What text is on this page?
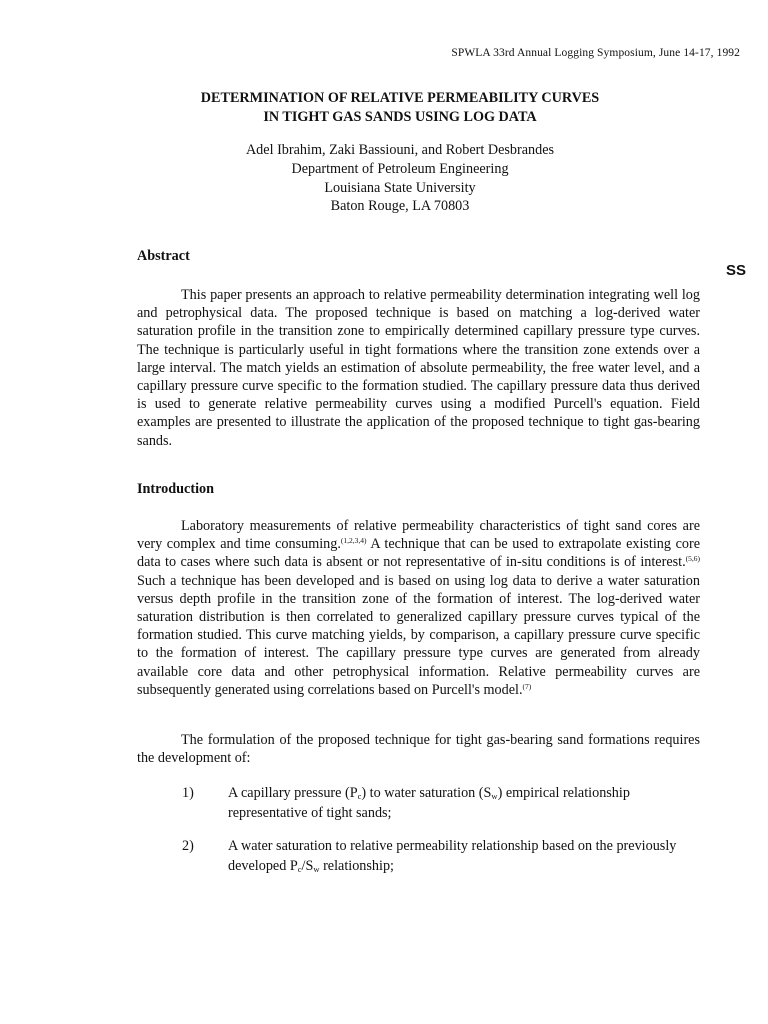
SPWLA 33rd Annual Logging Symposium, June 14-17, 1992
SS
DETERMINATION OF RELATIVE PERMEABILITY CURVES
IN TIGHT GAS SANDS USING LOG DATA
Adel Ibrahim, Zaki Bassiouni, and Robert Desbrandes
Department of Petroleum Engineering
Louisiana State University
Baton Rouge, LA 70803
Abstract
This paper presents an approach to relative permeability determination integrating well log and petrophysical data. The proposed technique is based on matching a log-derived water saturation profile in the transition zone to empirically determined capillary pressure type curves. The technique is particularly useful in tight formations where the transition zone extends over a large interval. The match yields an estimation of absolute permeability, the free water level, and a capillary pressure curve specific to the formation studied. The capillary pressure data thus derived is used to generate relative permeability curves using a modified Purcell's equation. Field examples are presented to illustrate the application of the proposed technique to tight gas-bearing sands.
Introduction
Laboratory measurements of relative permeability characteristics of tight sand cores are very complex and time consuming.$^{(1,2,3,4)}$ A technique that can be used to extrapolate existing core data to cases where such data is absent or not representative of in-situ conditions is of interest.$^{(5,6)}$ Such a technique has been developed and is based on using log data to derive a water saturation versus depth profile in the transition zone of the formation of interest. The log-derived water saturation distribution is then correlated to generalized capillary pressure curves typical of the formation studied. This curve matching yields, by comparison, a capillary pressure curve specific to the formation of interest. The capillary pressure type curves are generated from already available core data and other petrophysical information. Relative permeability curves are subsequently generated using correlations based on Purcell's model.$^{(7)}$
The formulation of the proposed technique for tight gas-bearing sand formations requires the development of:
1) A capillary pressure $(P_c)$ to water saturation $(S_w)$ empirical relationship representative of tight sands;
2) A water saturation to relative permeability relationship based on the previously developed $P_c/S_w$ relationship;
